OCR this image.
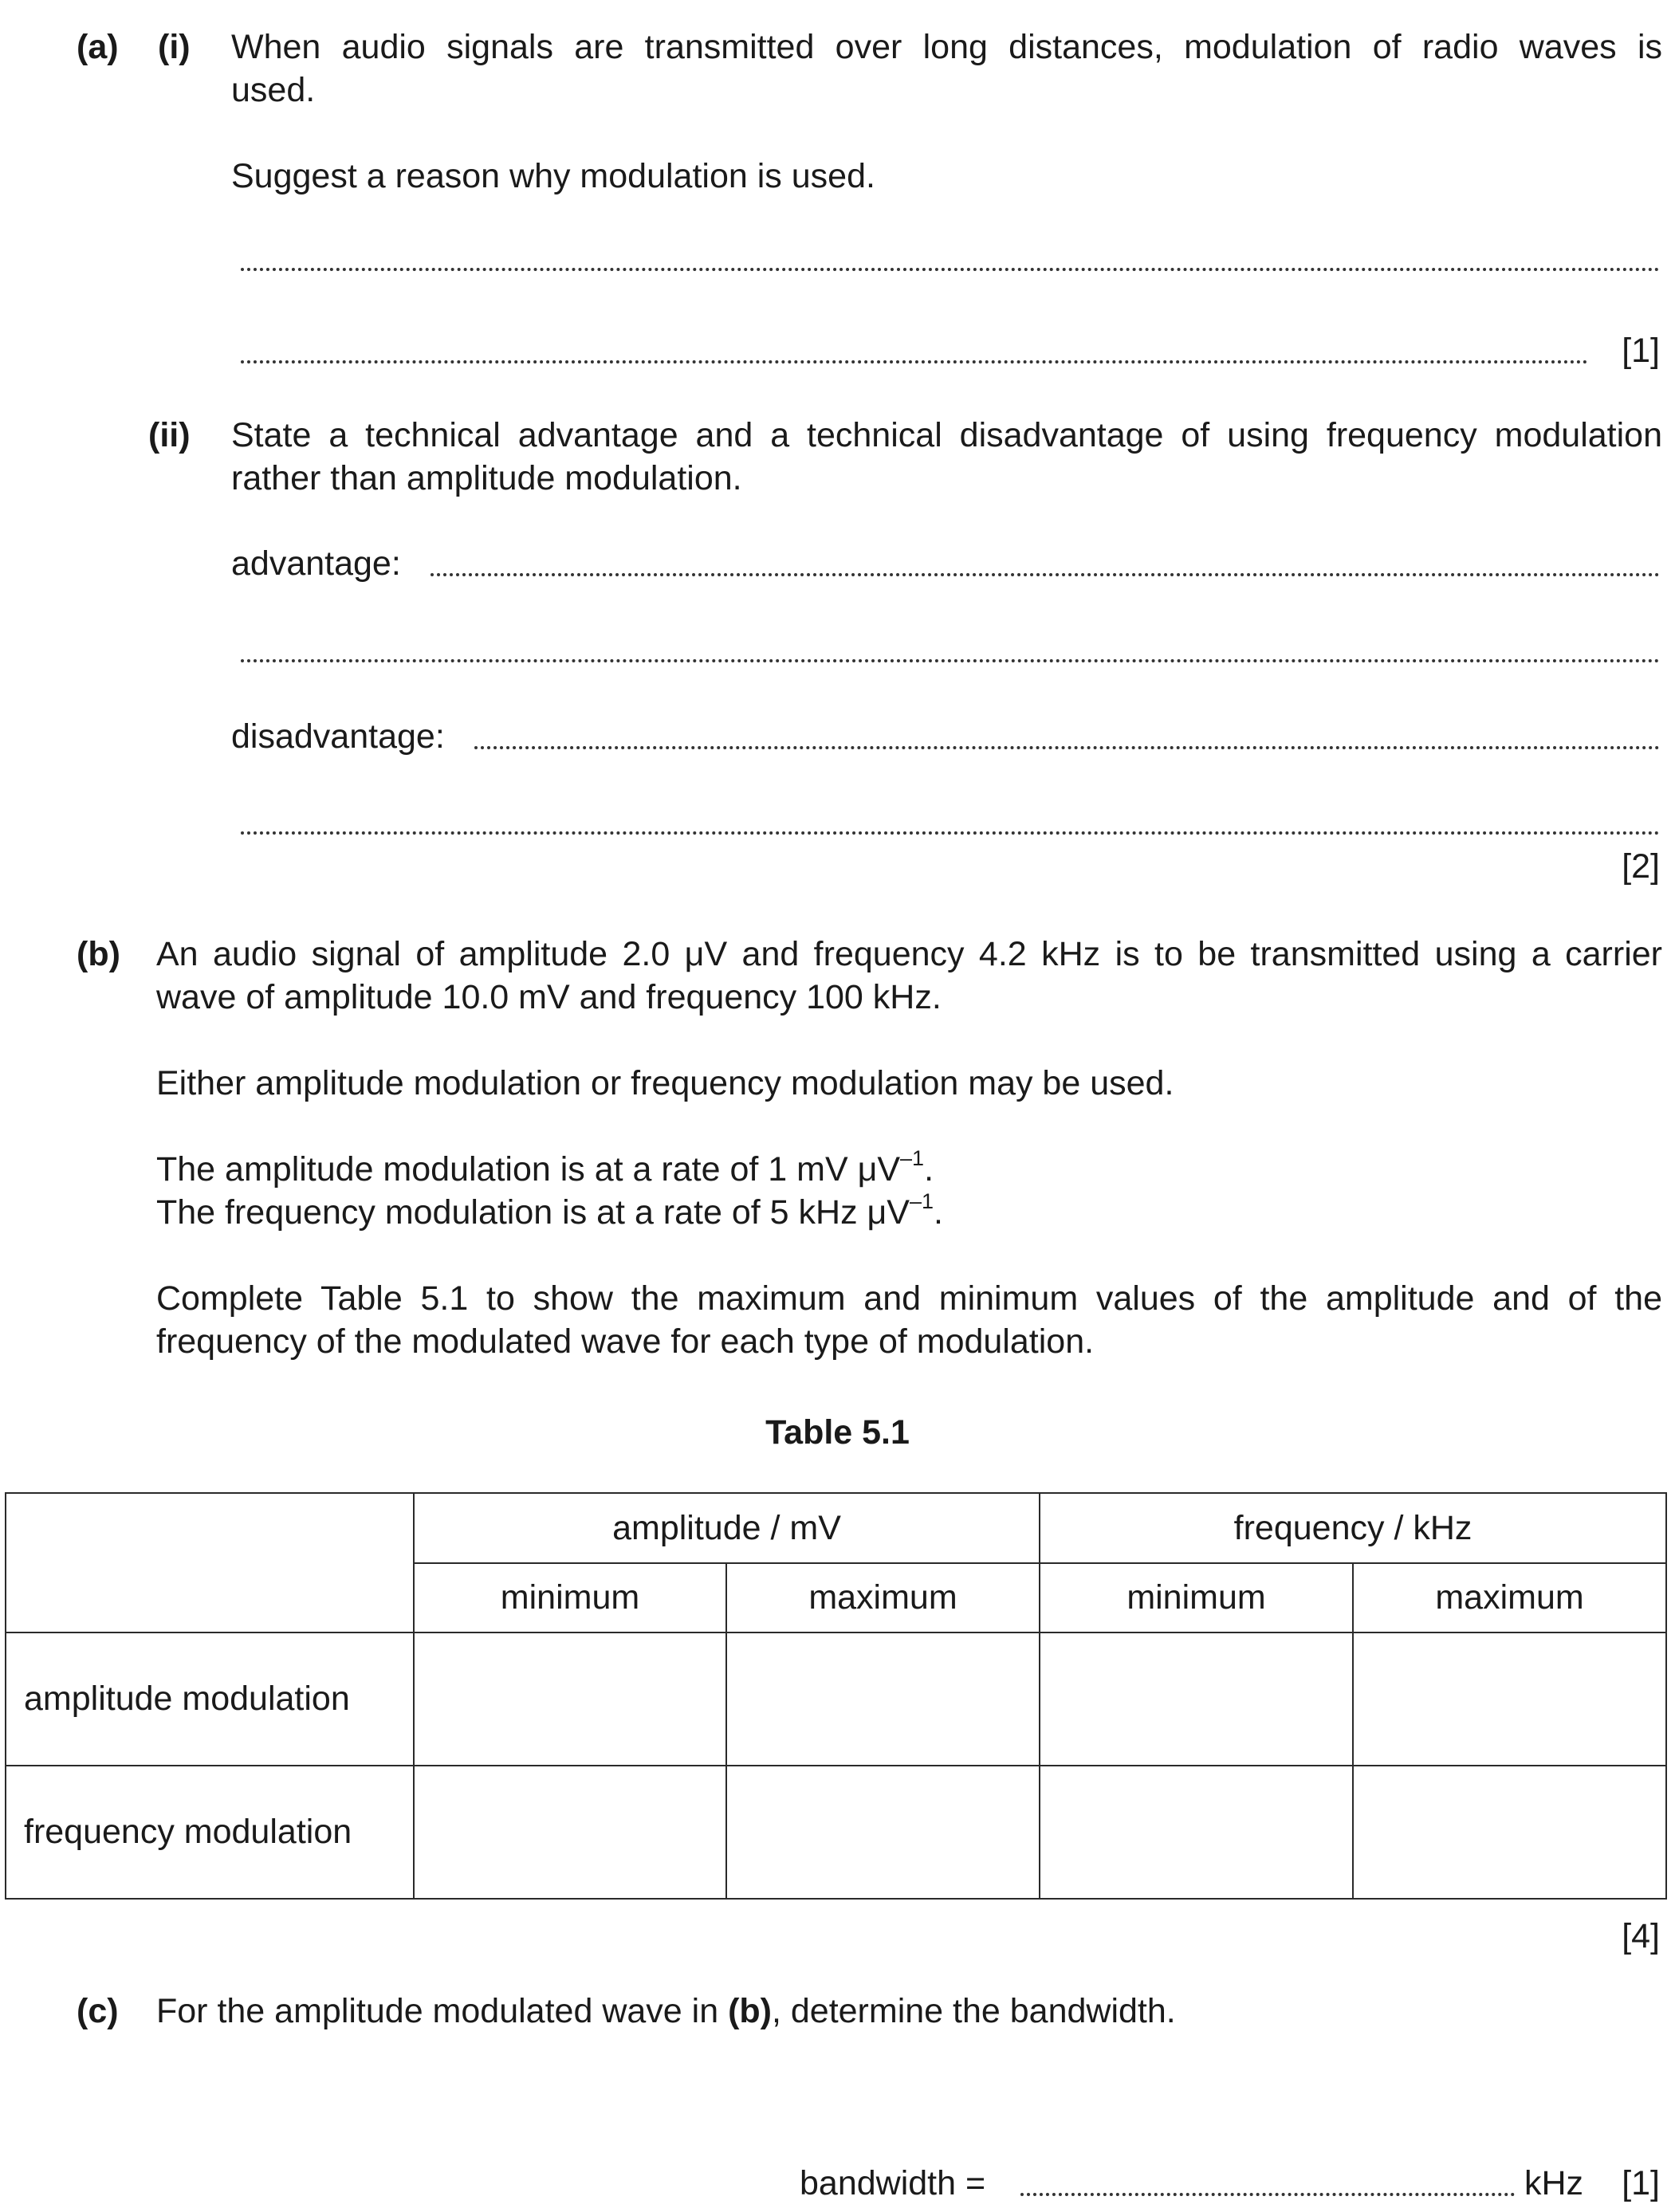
(a) (i) When audio signals are transmitted over long distances, modulation of radio waves is
used.
Suggest a reason why modulation is used.
[1]
(ii) State a technical advantage and a technical disadvantage of using frequency modulation
rather than amplitude modulation.
advantage:
disadvantage:
[2]
(b) An audio signal of amplitude 2.0 μV and frequency 4.2 kHz is to be transmitted using a carrier
wave of amplitude 10.0 mV and frequency 100 kHz.
Either amplitude modulation or frequency modulation may be used.
The amplitude modulation is at a rate of 1 mV $\mu V^{-1}$.
The frequency modulation is at a rate of 5 kHz $\mu V^{-1}$.
Complete Table 5.1 to show the maximum and minimum values of the amplitude and of the
frequency of the modulated wave for each type of modulation.
Table 5.1
	amplitude / mV		frequency / kHz	
	minimum	maximum	minimum	maximum
amplitude modulation				
frequency modulation				
[4]
(c) For the amplitude modulated wave in (b), determine the bandwidth.
bandwidth =	kHz	[1]
